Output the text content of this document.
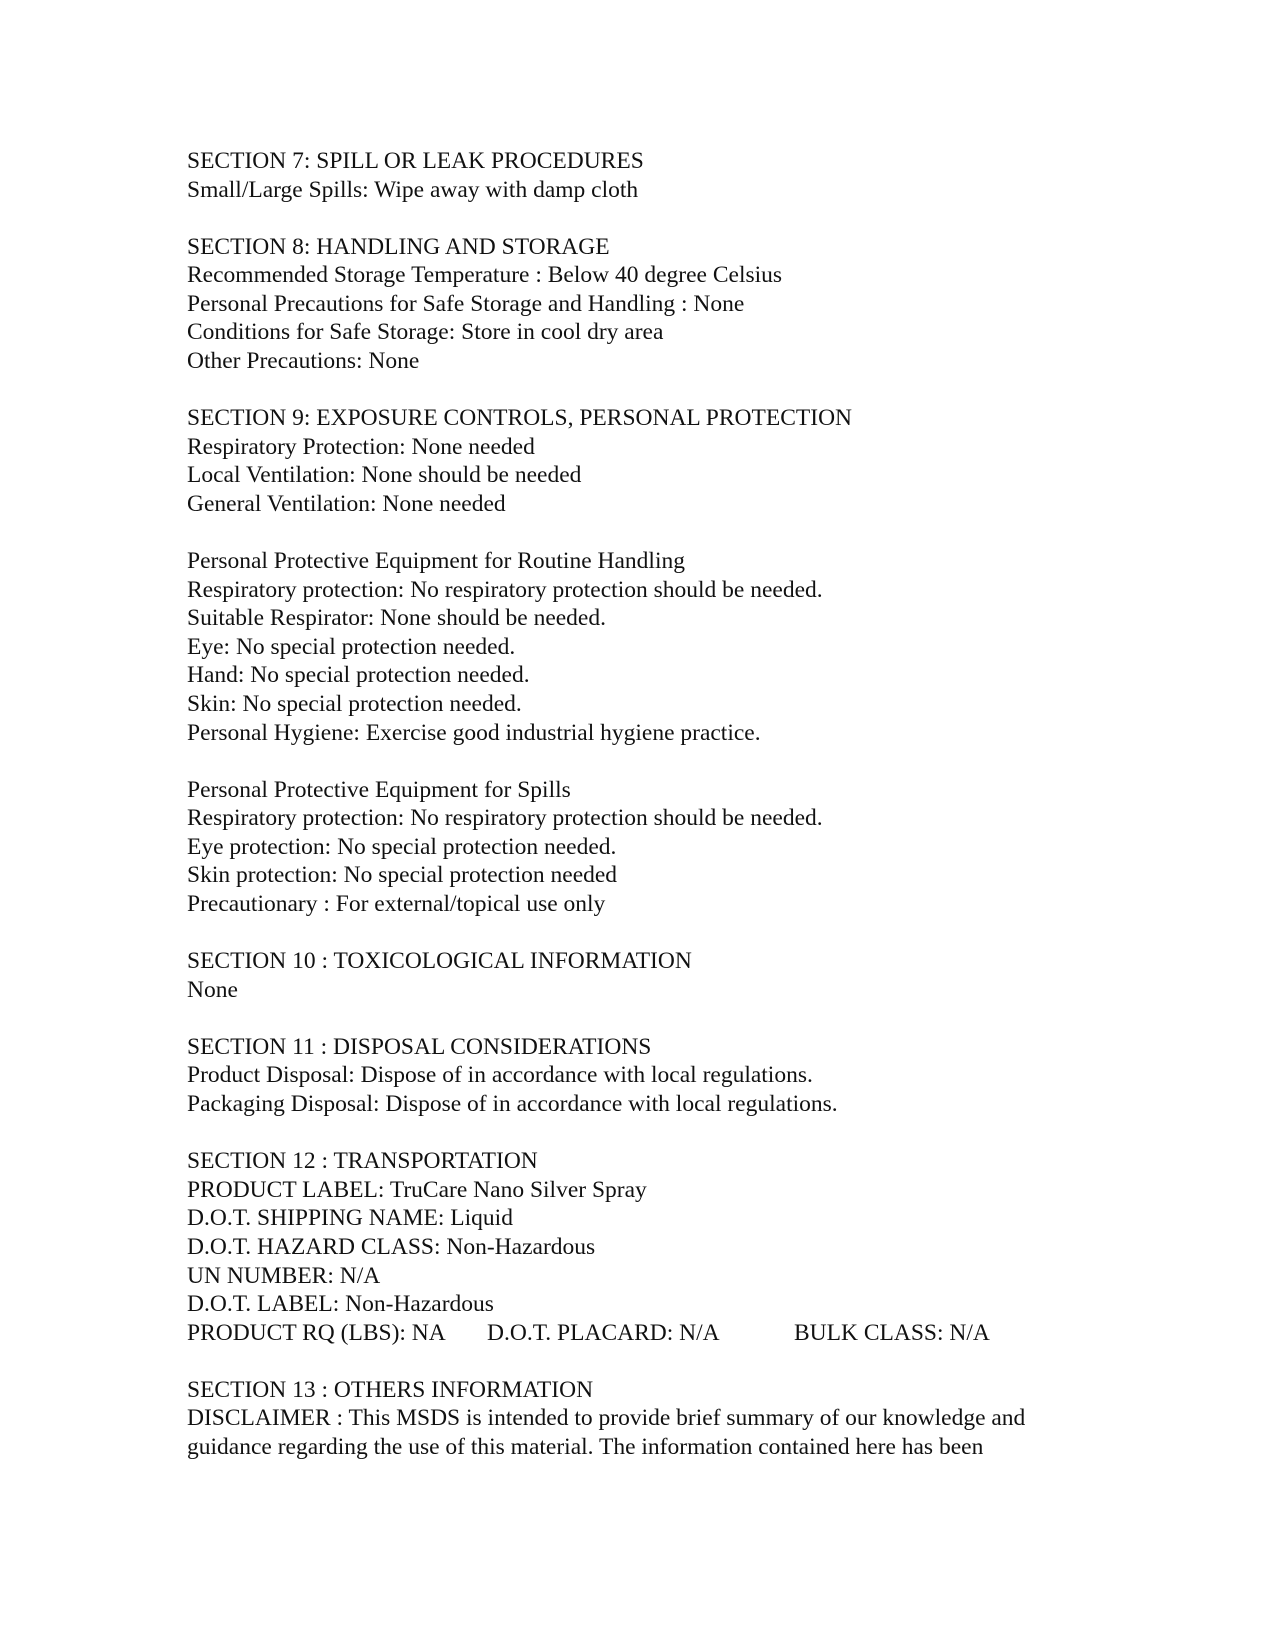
SECTION 7: SPILL OR LEAK PROCEDURES
Small/Large Spills: Wipe away with damp cloth
SECTION 8: HANDLING AND STORAGE
Recommended Storage Temperature : Below 40 degree Celsius
Personal Precautions for Safe Storage and Handling : None
Conditions for Safe Storage: Store in cool dry area
Other Precautions: None
SECTION 9: EXPOSURE CONTROLS, PERSONAL PROTECTION
Respiratory Protection: None needed
Local Ventilation: None should be needed
General Ventilation: None needed
Personal Protective Equipment for Routine Handling
Respiratory protection: No respiratory protection should be needed.
Suitable Respirator: None should be needed.
Eye: No special protection needed.
Hand: No special protection needed.
Skin: No special protection needed.
Personal Hygiene: Exercise good industrial hygiene practice.
Personal Protective Equipment for Spills
Respiratory protection: No respiratory protection should be needed.
Eye protection: No special protection needed.
Skin protection: No special protection needed
Precautionary : For external/topical use only
SECTION 10 : TOXICOLOGICAL INFORMATION
None
SECTION 11 : DISPOSAL CONSIDERATIONS
Product Disposal: Dispose of in accordance with local regulations.
Packaging Disposal: Dispose of in accordance with local regulations.
SECTION 12 : TRANSPORTATION
PRODUCT LABEL: TruCare Nano Silver Spray
D.O.T. SHIPPING NAME: Liquid
D.O.T. HAZARD CLASS: Non-Hazardous
UN NUMBER: N/A
D.O.T. LABEL: Non-Hazardous
PRODUCT RQ (LBS): NA D.O.T. PLACARD: N/A	BULK CLASS: N/A
SECTION 13 : OTHERS INFORMATION
DISCLAIMER : This MSDS is intended to provide brief summary of our knowledge and
guidance regarding the use of this material. The information contained here has been
